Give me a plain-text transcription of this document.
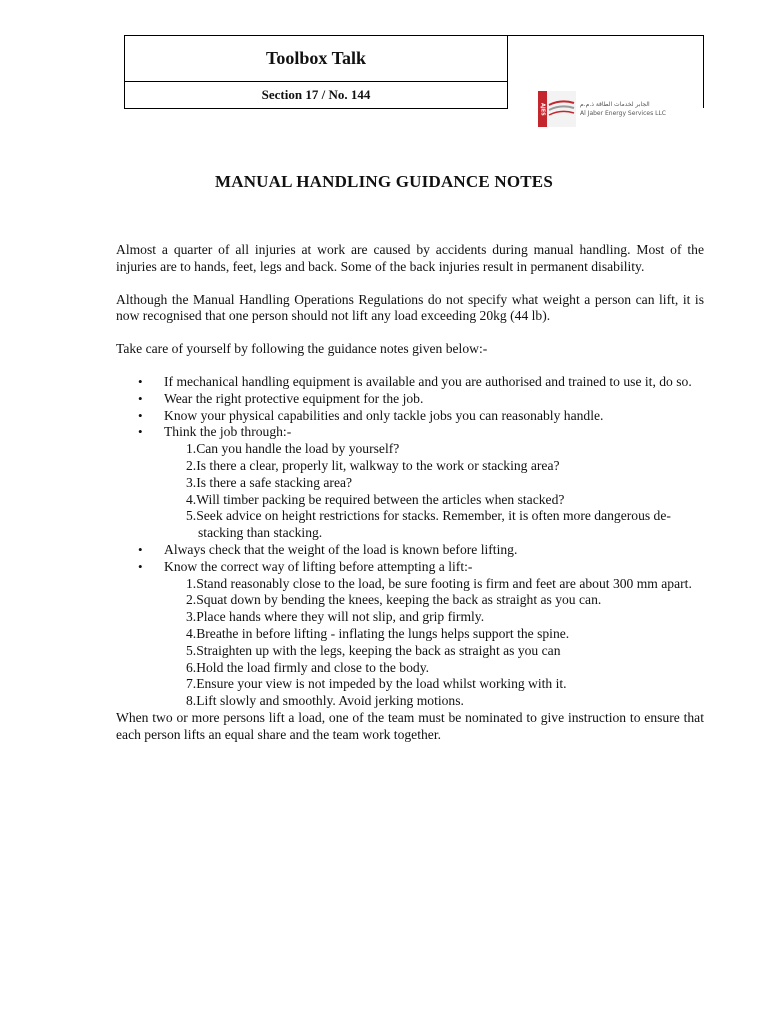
Toolbox Talk
Section 17 / No. 144
AJES	الجابر لخدمات الطاقة ذ.م.م
Al Jaber Energy Services LLC
MANUAL HANDLING GUIDANCE NOTES

Almost a quarter of all injuries at work are caused by accidents during manual handling. Most of the injuries are to hands, feet, legs and back. Some of the back injuries result in permanent disability.

Although the Manual Handling Operations Regulations do not specify what weight a person can lift, it is now recognised that one person should not lift any load exceeding 20kg (44 lb).

Take care of yourself by following the guidance notes given below:-

• If mechanical handling equipment is available and you are authorised and trained to use it, do so.
• Wear the right protective equipment for the job.
• Know your physical capabilities and only tackle jobs you can reasonably handle.
• Think the job through:-
1.Can you handle the load by yourself?
2.Is there a clear, properly lit, walkway to the work or stacking area?
3.Is there a safe stacking area?
4.Will timber packing be required between the articles when stacked?
5.Seek advice on height restrictions for stacks. Remember, it is often more dangerous de-stacking than stacking.
• Always check that the weight of the load is known before lifting.
• Know the correct way of lifting before attempting a lift:-
1.Stand reasonably close to the load, be sure footing is firm and feet are about 300 mm apart.
2.Squat down by bending the knees, keeping the back as straight as you can.
3.Place hands where they will not slip, and grip firmly.
4.Breathe in before lifting - inflating the lungs helps support the spine.
5.Straighten up with the legs, keeping the back as straight as you can
6.Hold the load firmly and close to the body.
7.Ensure your view is not impeded by the load whilst working with it.
8.Lift slowly and smoothly. Avoid jerking motions.

When two or more persons lift a load, one of the team must be nominated to give instruction to ensure that each person lifts an equal share and the team work together.
